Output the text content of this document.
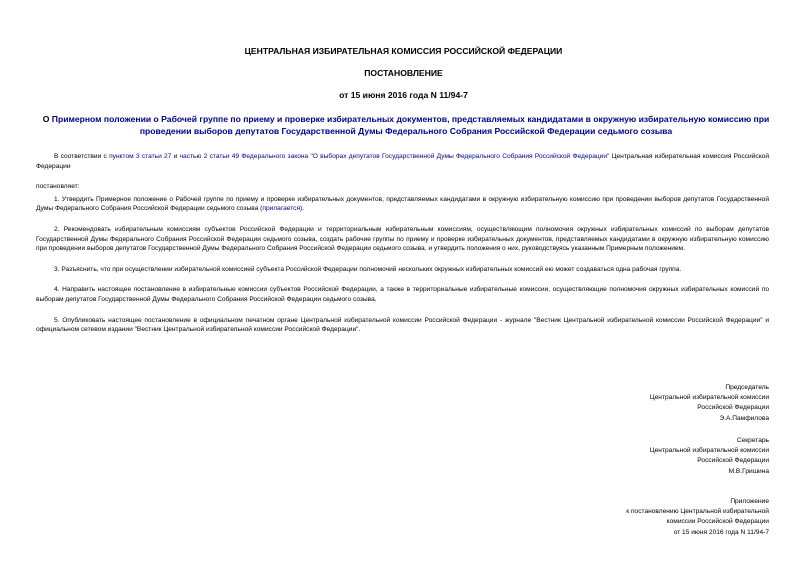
ЦЕНТРАЛЬНАЯ ИЗБИРАТЕЛЬНАЯ КОМИССИЯ РОССИЙСКОЙ ФЕДЕРАЦИИ

ПОСТАНОВЛЕНИЕ

от 15 июня 2016 года N 11/94-7

О Примерном положении о Рабочей группе по приему и проверке избирательных документов, представляемых кандидатами в окружную избирательную комиссию при проведении выборов депутатов Государственной Думы Федерального Собрания Российской Федерации седьмого созыва

В соответствии с пунктом 3 статьи 27 и частью 2 статьи 49 Федерального закона "О выборах депутатов Государственной Думы Федерального Собрания Российской Федерации" Центральная избирательная комиссия Российской Федерации

постановляет:

1. Утвердить Примерное положение о Рабочей группе по приему и проверке избирательных документов, представляемых кандидатами в окружную избирательную комиссию при проведении выборов депутатов Государственной Думы Федерального Собрания Российской Федерации седьмого созыва (прилагается).

2. Рекомендовать избирательным комиссиям субъектов Российской Федерации и территориальным избирательным комиссиям, осуществляющим полномочия окружных избирательных комиссий по выборам депутатов Государственной Думы Федерального Собрания Российской Федерации седьмого созыва, создать рабочие группы по приему и проверке избирательных документов, представляемых кандидатами в окружную избирательную комиссию при проведении выборов депутатов Государственной Думы Федерального Собрания Российской Федерации седьмого созыва, и утвердить положения о них, руководствуясь указанным Примерным положением.

3. Разъяснить, что при осуществлении избирательной комиссией субъекта Российской Федерации полномочий нескольких окружных избирательных комиссий ею может создаваться одна рабочая группа.

4. Направить настоящее постановление в избирательные комиссии субъектов Российской Федерации, а также в территориальные избирательные комиссии, осуществляющие полномочия окружных избирательных комиссий по выборам депутатов Государственной Думы Федерального Собрания Российской Федерации седьмого созыва.

5. Опубликовать настоящее постановление в официальном печатном органе Центральной избирательной комиссии Российской Федерации - журнале "Вестник Центральной избирательной комиссии Российской Федерации" и официальном сетевом издании "Вестник Центральной избирательной комиссии Российской Федерации".

Председатель
Центральной избирательной комиссии
Российской Федерации
Э.А.Памфилова
Секретарь
Центральной избирательной комиссии
Российской Федерации
М.В.Гришина
Приложение
к постановлению Центральной избирательной
комиссии Российской Федерации
от 15 июня 2016 года N 11/94-7
